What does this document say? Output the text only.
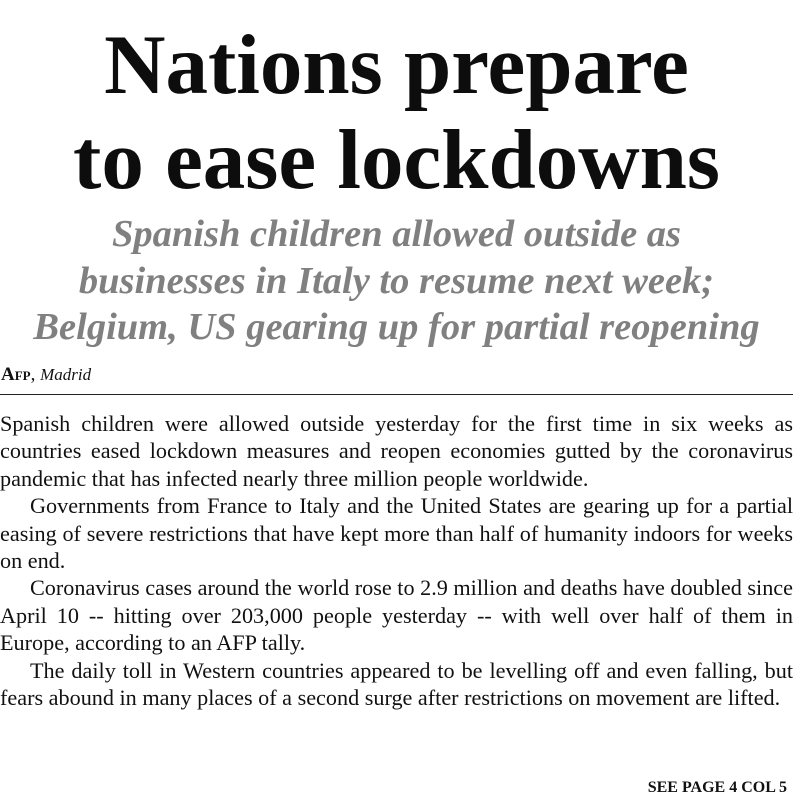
Nations prepare
to ease lockdowns
Spanish children allowed outside as
businesses in Italy to resume next week;
Belgium, US gearing up for partial reopening
Afp, Madrid

Spanish children were allowed outside yesterday for the first time in six weeks as countries eased lockdown measures and reopen economies gutted by the coronavirus pandemic that has infected nearly three million people worldwide.

Governments from France to Italy and the United States are gearing up for a partial easing of severe restrictions that have kept more than half of humanity indoors for weeks on end.

Coronavirus cases around the world rose to 2.9 million and deaths have doubled since April 10 -- hitting over 203,000 people yesterday -- with well over half of them in Europe, according to an AFP tally.

The daily toll in Western countries appeared to be levelling off and even falling, but fears abound in many places of a second surge after restrictions on movement are lifted.

SEE PAGE 4 COL 5
